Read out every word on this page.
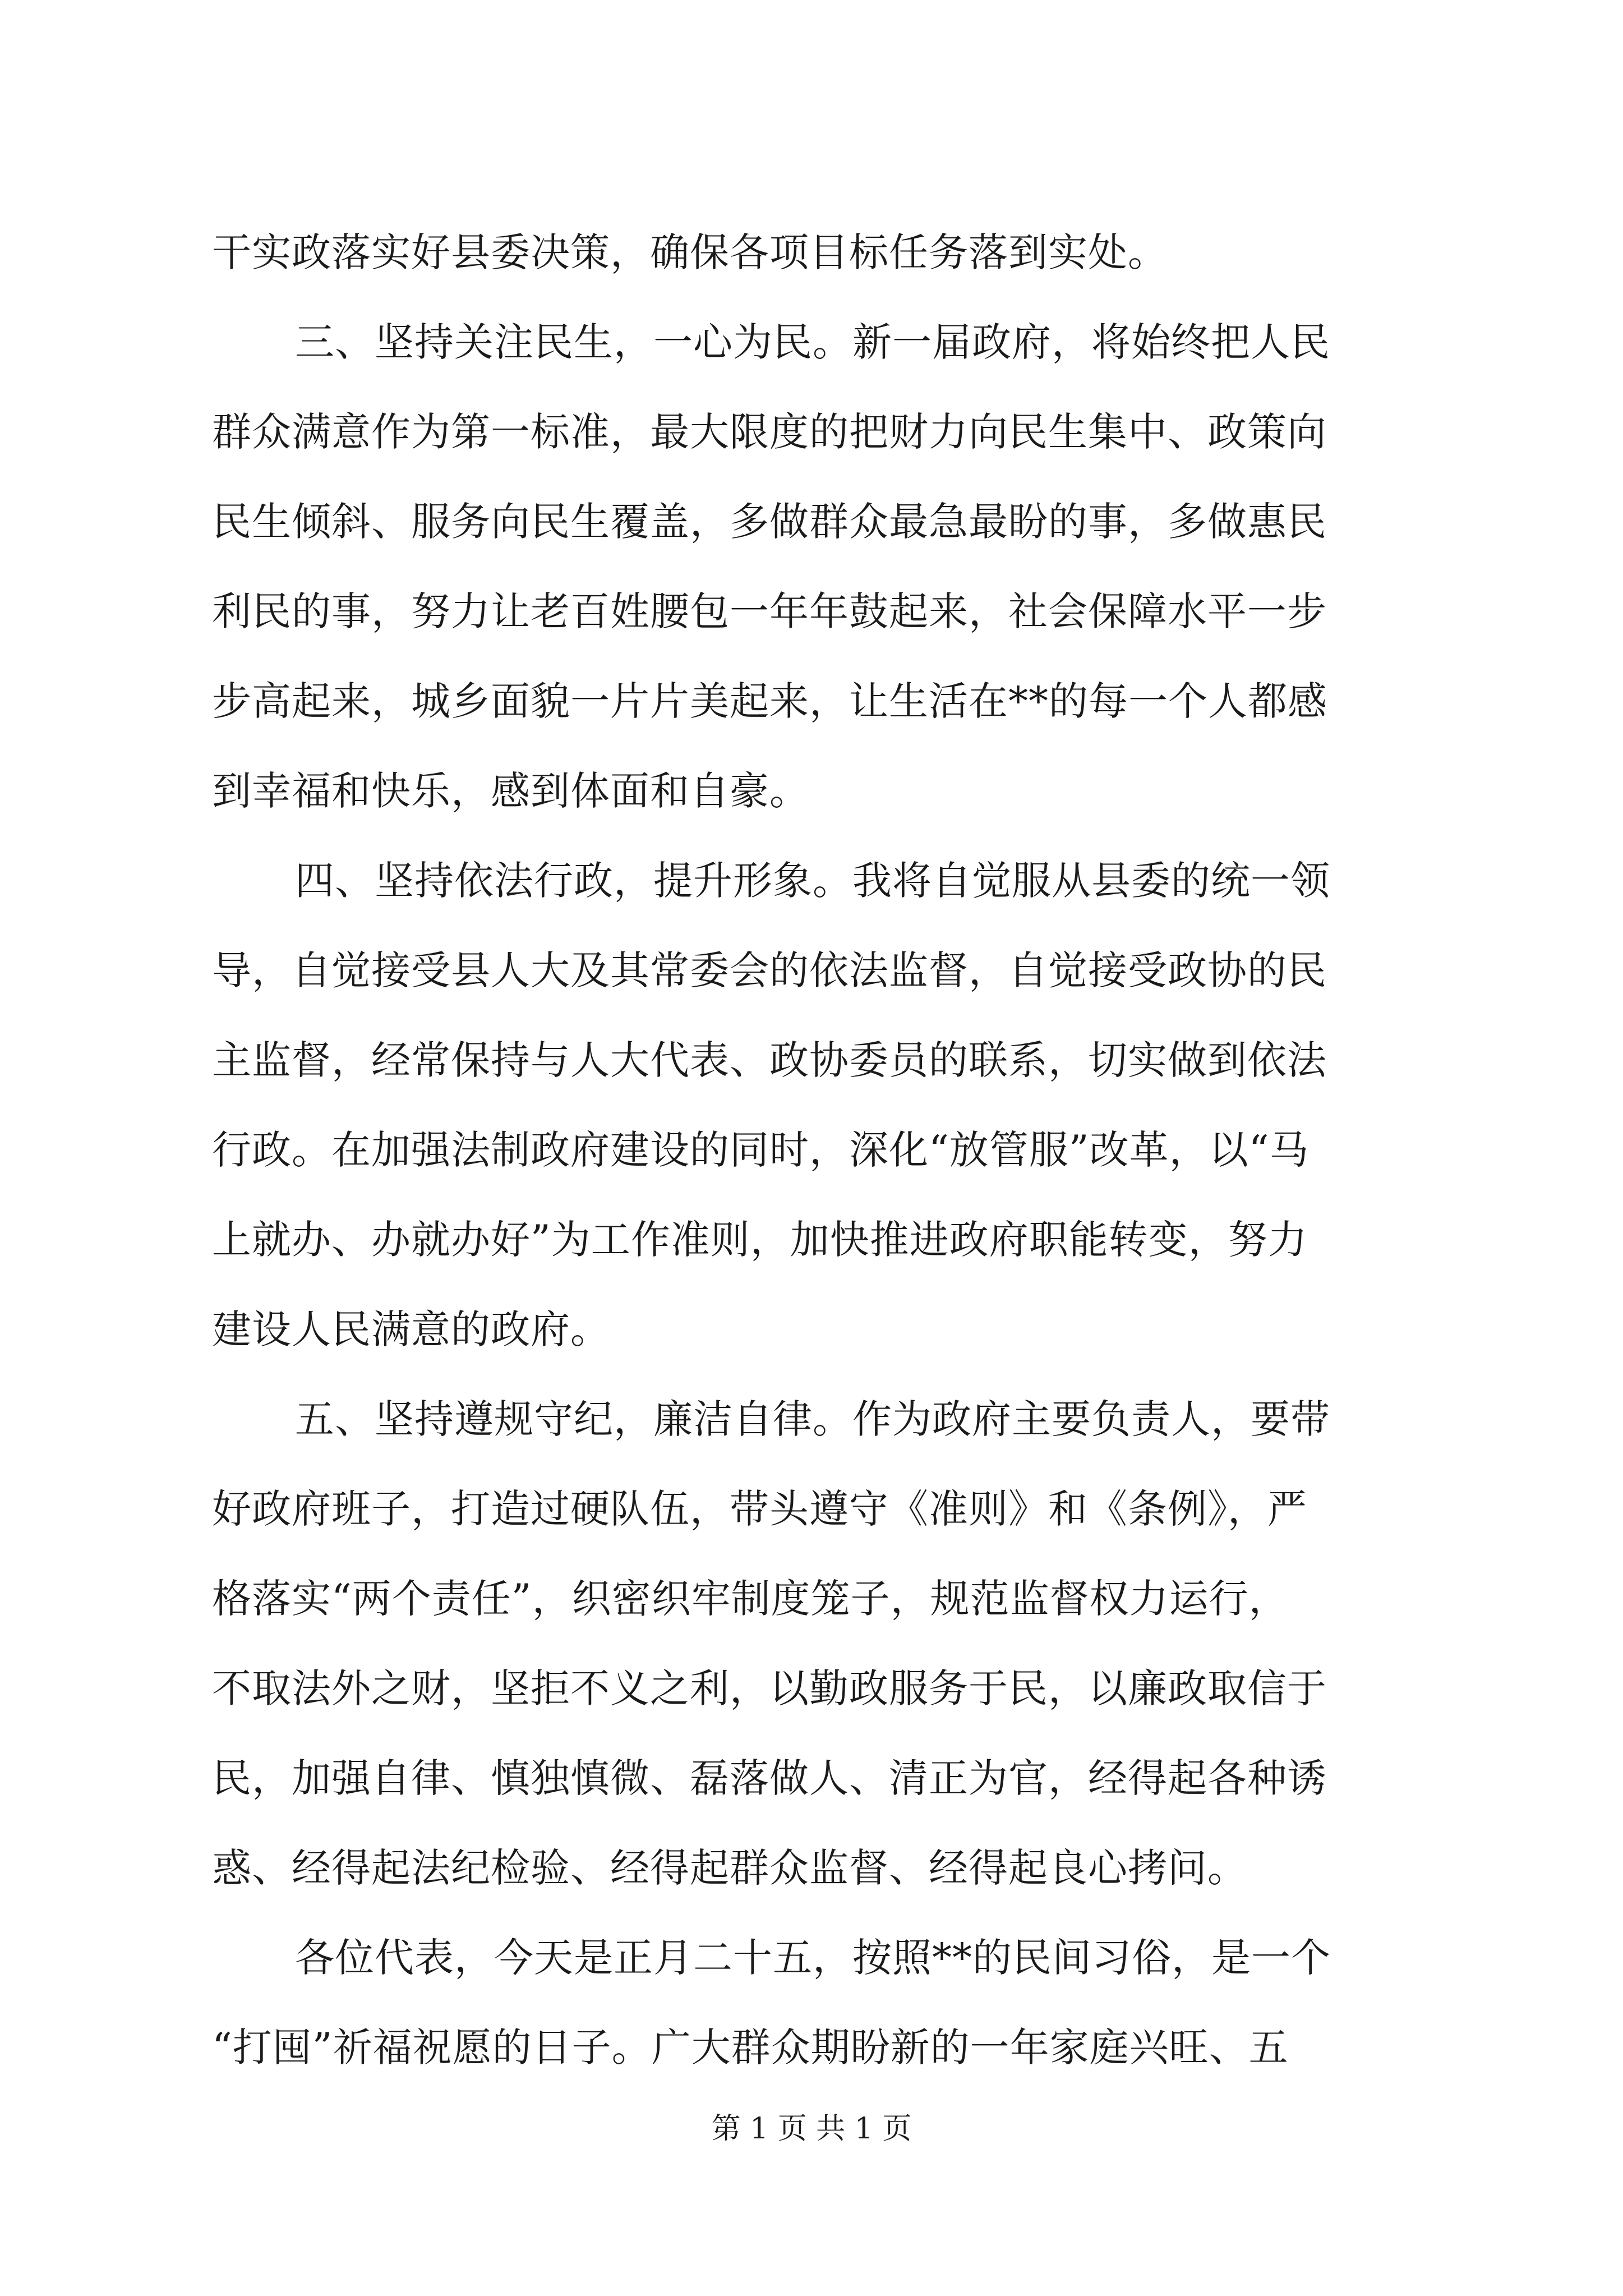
干实政落实好县委决策，确保各项目标任务落到实处。
三、坚持关注民生，一心为民。新一届政府，将始终把人民
群众满意作为第一标准，最大限度的把财力向民生集中、政策向
民生倾斜、服务向民生覆盖，多做群众最急最盼的事，多做惠民
利民的事，努力让老百姓腰包一年年鼓起来，社会保障水平一步
步高起来，城乡面貌一片片美起来，让生活在**的每一个人都感
到幸福和快乐，感到体面和自豪。
四、坚持依法行政，提升形象。我将自觉服从县委的统一领
导，自觉接受县人大及其常委会的依法监督，自觉接受政协的民
主监督，经常保持与人大代表、政协委员的联系，切实做到依法
行政。在加强法制政府建设的同时，深化“放管服”改革，以“马
上就办、办就办好”为工作准则，加快推进政府职能转变，努力
建设人民满意的政府。
五、坚持遵规守纪，廉洁自律。作为政府主要负责人，要带
好政府班子，打造过硬队伍，带头遵守《准则》和《条例》，严
格落实“两个责任”，织密织牢制度笼子，规范监督权力运行，
不取法外之财，坚拒不义之利，以勤政服务于民，以廉政取信于
民，加强自律、慎独慎微、磊落做人、清正为官，经得起各种诱
惑、经得起法纪检验、经得起群众监督、经得起良心拷问。
各位代表，今天是正月二十五，按照**的民间习俗，是一个
“打囤”祈福祝愿的日子。广大群众期盼新的一年家庭兴旺、五
第 1 页 共 1 页
